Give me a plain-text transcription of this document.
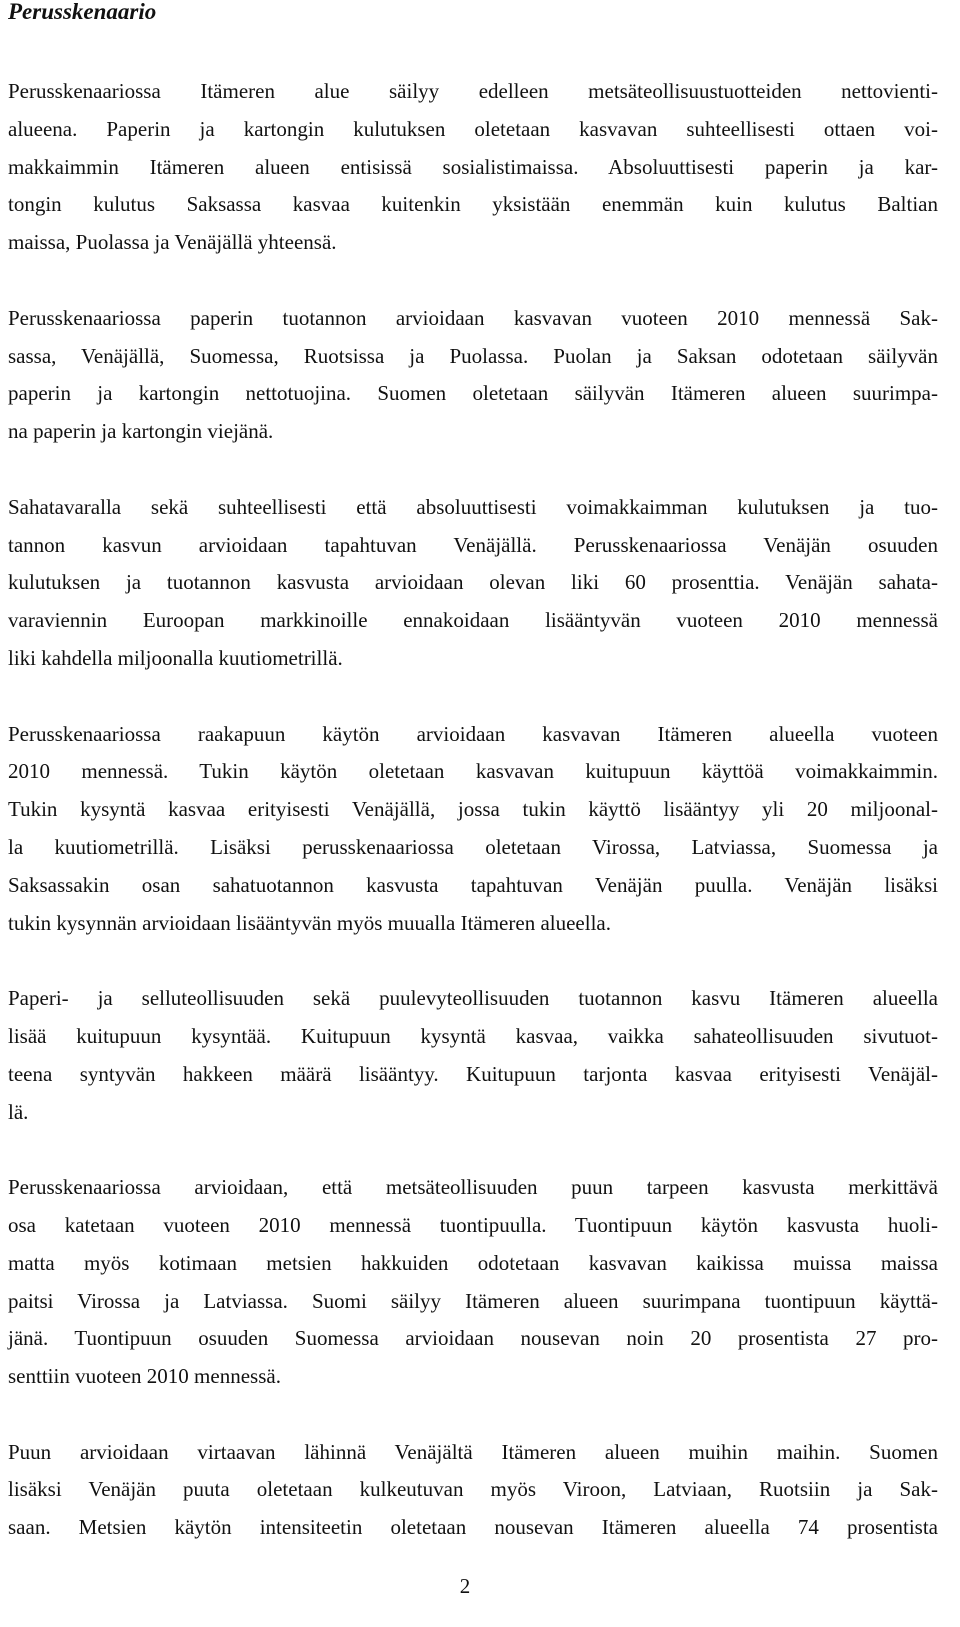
Perusskenaario

Perusskenaariossa Itämeren alue säilyy edelleen metsäteollisuustuotteiden nettovienti-
alueena. Paperin ja kartongin kulutuksen oletetaan kasvavan suhteellisesti ottaen voi-
makkaimmin Itämeren alueen entisissä sosialistimaissa. Absoluuttisesti paperin ja kar-
tongin kulutus Saksassa kasvaa kuitenkin yksistään enemmän kuin kulutus Baltian
maissa, Puolassa ja Venäjällä yhteensä.

Perusskenaariossa paperin tuotannon arvioidaan kasvavan vuoteen 2010 mennessä Sak-
sassa, Venäjällä, Suomessa, Ruotsissa ja Puolassa. Puolan ja Saksan odotetaan säilyvän
paperin ja kartongin nettotuojina. Suomen oletetaan säilyvän Itämeren alueen suurimpa-
na paperin ja kartongin viejänä.

Sahatavaralla sekä suhteellisesti että absoluuttisesti voimakkaimman kulutuksen ja tuo-
tannon kasvun arvioidaan tapahtuvan Venäjällä. Perusskenaariossa Venäjän osuuden
kulutuksen ja tuotannon kasvusta arvioidaan olevan liki 60 prosenttia. Venäjän sahata-
varaviennin Euroopan markkinoille ennakoidaan lisääntyvän vuoteen 2010 mennessä
liki kahdella miljoonalla kuutiometrillä.

Perusskenaariossa raakapuun käytön arvioidaan kasvavan Itämeren alueella vuoteen
2010 mennessä. Tukin käytön oletetaan kasvavan kuitupuun käyttöä voimakkaimmin.
Tukin kysyntä kasvaa erityisesti Venäjällä, jossa tukin käyttö lisääntyy yli 20 miljoonal-
la kuutiometrillä. Lisäksi perusskenaariossa oletetaan Virossa, Latviassa, Suomessa ja
Saksassakin osan sahatuotannon kasvusta tapahtuvan Venäjän puulla. Venäjän lisäksi
tukin kysynnän arvioidaan lisääntyvän myös muualla Itämeren alueella.

Paperi- ja selluteollisuuden sekä puulevyteollisuuden tuotannon kasvu Itämeren alueella
lisää kuitupuun kysyntää. Kuitupuun kysyntä kasvaa, vaikka sahateollisuuden sivutuot-
teena syntyvän hakkeen määrä lisääntyy. Kuitupuun tarjonta kasvaa erityisesti Venäjäl-
lä.

Perusskenaariossa arvioidaan, että metsäteollisuuden puun tarpeen kasvusta merkittävä
osa katetaan vuoteen 2010 mennessä tuontipuulla. Tuontipuun käytön kasvusta huoli-
matta myös kotimaan metsien hakkuiden odotetaan kasvavan kaikissa muissa maissa
paitsi Virossa ja Latviassa. Suomi säilyy Itämeren alueen suurimpana tuontipuun käyttä-
jänä. Tuontipuun osuuden Suomessa arvioidaan nousevan noin 20 prosentista 27 pro-
senttiin vuoteen 2010 mennessä.

Puun arvioidaan virtaavan lähinnä Venäjältä Itämeren alueen muihin maihin. Suomen
lisäksi Venäjän puuta oletetaan kulkeutuvan myös Viroon, Latviaan, Ruotsiin ja Sak-
saan. Metsien käytön intensiteetin oletetaan nousevan Itämeren alueella 74 prosentista

2
